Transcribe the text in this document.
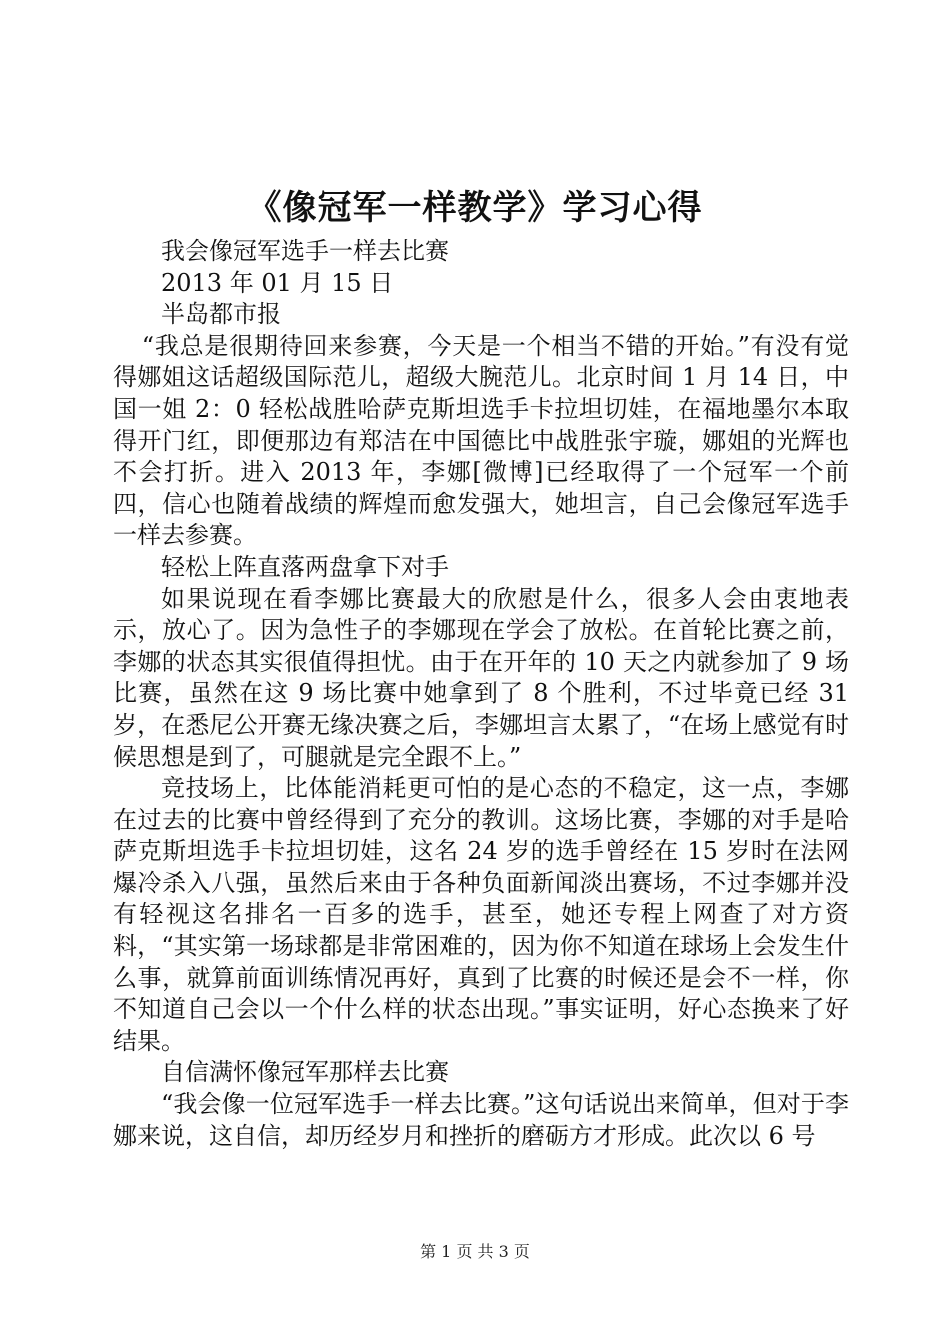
《像冠军一样教学》学习心得

我会像冠军选手一样去比赛

2013 年 01 月 15 日

半岛都市报

“我总是很期待回来参赛，今天是一个相当不错的开始。”有没有觉得娜姐这话超级国际范儿，超级大腕范儿。北京时间 1 月 14 日，中国一姐 2：0 轻松战胜哈萨克斯坦选手卡拉坦切娃，在福地墨尔本取得开门红，即便那边有郑洁在中国德比中战胜张宇璇，娜姐的光辉也不会打折。进入 2013 年，李娜[微博]已经取得了一个冠军一个前四，信心也随着战绩的辉煌而愈发强大，她坦言，自己会像冠军选手一样去参赛。

轻松上阵直落两盘拿下对手

如果说现在看李娜比赛最大的欣慰是什么，很多人会由衷地表示，放心了。因为急性子的李娜现在学会了放松。在首轮比赛之前，李娜的状态其实很值得担忧。由于在开年的 10 天之内就参加了 9 场比赛，虽然在这 9 场比赛中她拿到了 8 个胜利，不过毕竟已经 31 岁，在悉尼公开赛无缘决赛之后，李娜坦言太累了，“在场上感觉有时候思想是到了，可腿就是完全跟不上。”

竞技场上，比体能消耗更可怕的是心态的不稳定，这一点，李娜在过去的比赛中曾经得到了充分的教训。这场比赛，李娜的对手是哈萨克斯坦选手卡拉坦切娃，这名 24 岁的选手曾经在 15 岁时在法网爆冷杀入八强，虽然后来由于各种负面新闻淡出赛场，不过李娜并没有轻视这名排名一百多的选手，甚至，她还专程上网查了对方资料，“其实第一场球都是非常困难的，因为你不知道在球场上会发生什么事，就算前面训练情况再好，真到了比赛的时候还是会不一样，你不知道自己会以一个什么样的状态出现。”事实证明，好心态换来了好结果。

自信满怀像冠军那样去比赛

“我会像一位冠军选手一样去比赛。”这句话说出来简单，但对于李娜来说，这自信，却历经岁月和挫折的磨砺方才形成。此次以 6 号

第 1 页 共 3 页
